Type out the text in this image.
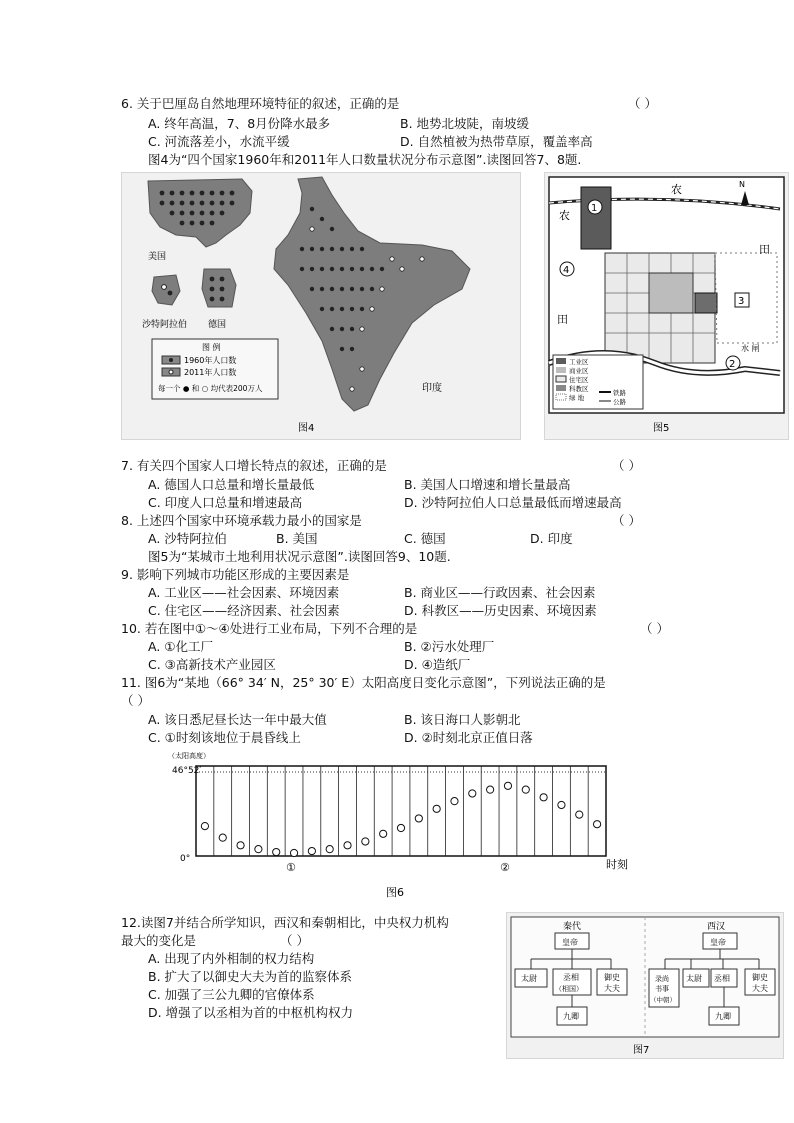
6. 关于巴厘岛自然地理环境特征的叙述，正确的是	（ ）
A. 终年高温，7、8月份降水最多	B. 地势北坡陡，南坡缓
C. 河流落差小，水流平缓	D. 自然植被为热带草原，覆盖率高
图4为“四个国家1960年和2011年人口数量状况分布示意图”.读图回答7、8题.
美国
沙特阿拉伯 德国
印度
图 例
1960年人口数
2011年人口数
每一个 ● 和 ○ 均代表200万人
图4
1
4
3
2
农
农
田
田
水 闸
N
工业区
商业区
住宅区
科教区
绿 地
铁路
公路
图5
7. 有关四个国家人口增长特点的叙述，正确的是	（ ）
A. 德国人口总量和增长量最低	B. 美国人口增速和增长量最高
C. 印度人口总量和增速最高	D. 沙特阿拉伯人口总量最低而增速最高
8. 上述四个国家中环境承载力最小的国家是	（ ）
A. 沙特阿拉伯	B. 美国	C. 德国	D. 印度
图5为“某城市土地利用状况示意图”.读图回答9、10题.
9. 影响下列城市功能区形成的主要因素是
A. 工业区——社会因素、环境因素	B. 商业区——行政因素、社会因素
C. 住宅区——经济因素、社会因素	D. 科教区——历史因素、环境因素
10. 若在图中①～④处进行工业布局，下列不合理的是	（ ）
A. ①化工厂	B. ②污水处理厂
C. ③高新技术产业园区	D. ④造纸厂
11. 图6为“某地（66° 34′ N，25° 30′ E）太阳高度日变化示意图”，下列说法正确的是
（ ）
A. 该日悉尼昼长达一年中最大值	B. 该日海口人影朝北
C. ①时刻该地位于晨昏线上	D. ②时刻北京正值日落
（太阳高度）
46°52′
0°	时刻
①	②
图6
12.读图7并结合所学知识，西汉和秦朝相比，中央权力机构
最大的变化是	（ ）
A. 出现了内外相制的权力结构
B. 扩大了以御史大夫为首的监察体系
C. 加强了三公九卿的官僚体系
D. 增强了以丞相为首的中枢机构权力
秦代
皇帝
太尉	丞相
（相国）
御史
大夫
九卿
西汉
皇帝
录尚
书事
（中朝）
太尉 丞相	御史
大夫
九卿
图7
